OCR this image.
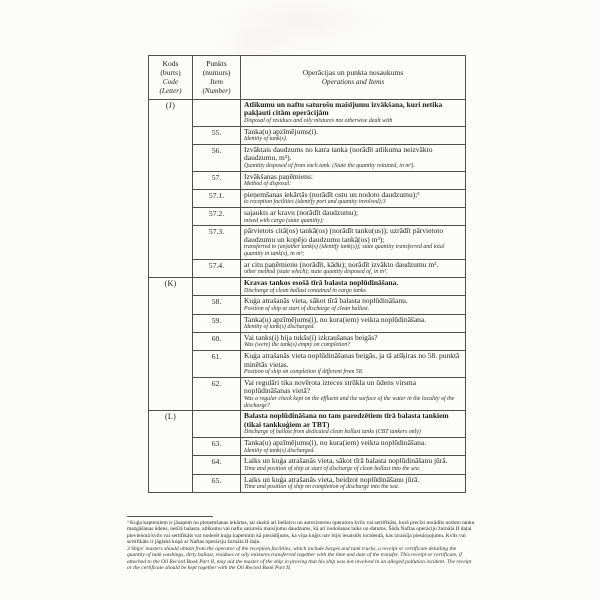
Kods
(burts)
Code
(Letter)

Punkts
(numurs)
Item
(Number)

Operācijas un punkta nosaukums
Operations and Items

(J)		Atlikumu un naftu saturošu maisījumu izvākšana, kuri netika pakļauti citām operācijām
Disposal of residues and oily mixtures not otherwise dealt with

	55.	Tanka(u) apzīmējums(i).
Identity of tank(s).

	56.	Izvāktais daudzums no katra tanka (norādīt atlikuma neizvākto daudzumu, m³).
Quantity disposed of from each tank. (State the quantity retained, in m³).

	57.	Izvākšanas paņēmiens:
Method of disposal:

	57.1.	pieņemšanas iekārtās (norādīt ostu un nodoto daudzumu);³
to reception facilities (identify port and quantity involved);3

	57.2.	sajaukts ar kravu (norādīt daudzumu);
mixed with cargo (state quantity);

	57.3.	pārvietots citā(os) tankā(os) (norādīt tanku(us)); uzrādīt pārvietoto daudzumu un kopējo daudzumu tankā(os) m³);
transferred to (an)other tank(s) (identify tank(s)); state quantity transferred and total quantity in tank(s), in m³;

	57.4.	ar citu paņēmienu (norādīt, kādu); norādīt izvākto daudzumu m³.
other method (state which); state quantity disposed of, in m³.

(K)		Kravas tankos esošā tīrā balasta noplūdināšana.
Discharge of clean ballast contained in cargo tanks

	58.	Kuģa atrašanās vieta, sākot tīrā balasta noplūdināšanu.
Position of ship at start of discharge of clean ballast.

	59.	Tanka(u) apzīmējums(i), no kura(iem) veikta noplūdināšana.
Identity of tank(s) discharged.

	60.	Vai tanks(i) bija tukšs(i) izkraušanas beigās?
Was (were) the tank(s) empty on completion?

	61.	Kuģa atrašanās vieta noplūdināšanas beigās, ja tā atšķiras no 58. punktā minētās vietas.
Position of ship on completion if different from 58.

	62.	Vai regulāri tika novērota izteces strūkla un ūdens virsma noplūdināšanas vietā?
Was a regular check kept on the effluent and the surface of the water in the locality of the discharge?

(L)		Balasta noplūdināšana no tam paredzētiem tīrā balasta tankiem (tikai tankkuģiem ar TBT)
Discharge of ballast from dedicated clean ballast tanks (CBT tankers only)

	63.	Tanka(u) apzīmējums(i), no kura(iem) veikta noplūdināšana.
Identity of tank(s) discharged.

	64.	Laiks un kuģa atrašanās vieta, sākot tīrā balasta noplūdināšanu jūrā.
Time and position of ship at start of discharge of clean ballast into the sea.

	65.	Laiks un kuģa atrašanās vieta, beidzot noplūdināšanu jūrā.
Time and position of ship on completion of discharge into the sea.

³ Kuģa kapteiņiem ir jāsaņem no pieņemšanas iekārtas, tai skaitā arī liellaivu un autocisternu operatora kvīts vai sertifikāts, kurā precīzi norādīts nodoto tanku mazgāšanas ūdens, netīrā balasta, atlikumu vai naftu saturošu maisījumu daudzums, kā arī nodošanas laiks un datums. Šāda Naftas operāciju žurnāla II daļai pievienotā kvīts vai sertifikāts var noderēt kuģa kapteinim kā pierādījums, ka viņa kuģis nav bijis iesaistīts incidentā, kas izraisīja piesārņojumu. Kvīts vai sertifikāts ir jāglabā kopā ar Naftas operāciju žurnāla II daļu.

3 Ships' masters should obtain from the operator of the reception facilities, which include barges and tank trucks, a receipt or certificate detailing the quantity of tank washings, dirty ballast, residues or oily mixtures transferred together with the time and date of the transfer. This receipt or certificate, if attached to the Oil Record Book Part II, may aid the master of the ship in proving that his ship was not involved in an alleged pollution incident. The receipt or the certificate should be kept together with the Oil Record Book Part II.
